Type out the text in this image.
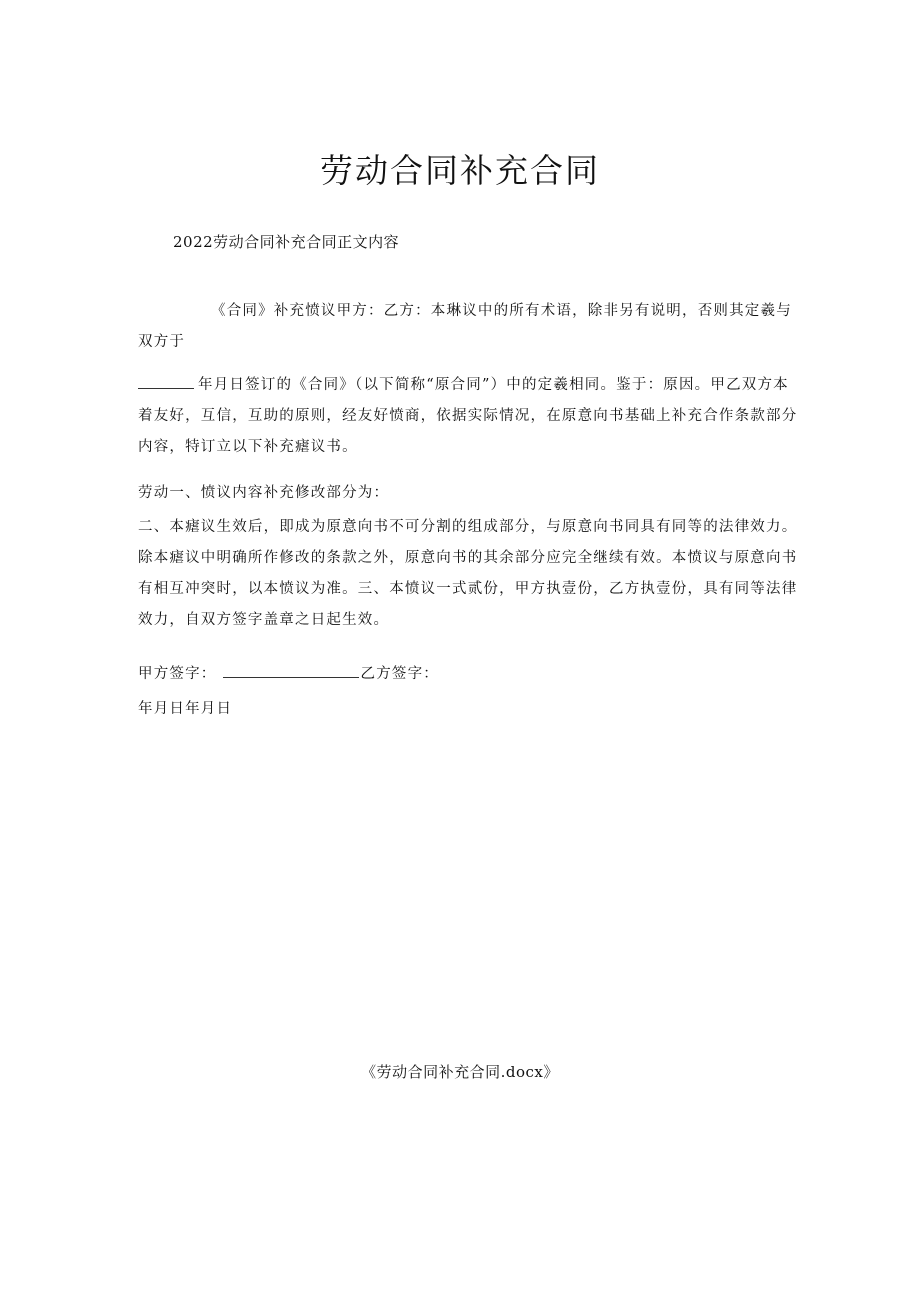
劳动合同补充合同
2022劳动合同补充合同正文内容
《合同》补充愤议甲方：乙方：本琳议中的所有术语，除非另有说明，否则其定羲与双方于
年月日签订的《合同》（以下简称“原合同”）中的定羲相同。鉴于：原因。甲乙双方本着友好，互信，互助的原则，经友好愤商，依据实际情况，在原意向书基础上补充合作条款部分内容，特订立以下补充瘧议书。
劳动一、愤议内容补充修改部分为：
二、本瘧议生效后，即成为原意向书不可分割的组成部分，与原意向书同具有同等的法律效力。除本瘧议中明确所作修改的条款之外，原意向书的其余部分应完全继续有效。本愤议与原意向书有相互冲突时，以本愤议为准。三、本愤议一式贰份，甲方执壹份，乙方执壹份，具有同等法律效力，自双方签字盖章之日起生效。
甲方签字：	乙方签字：
年月日年月日
《劳动合同补充合同.docx》
